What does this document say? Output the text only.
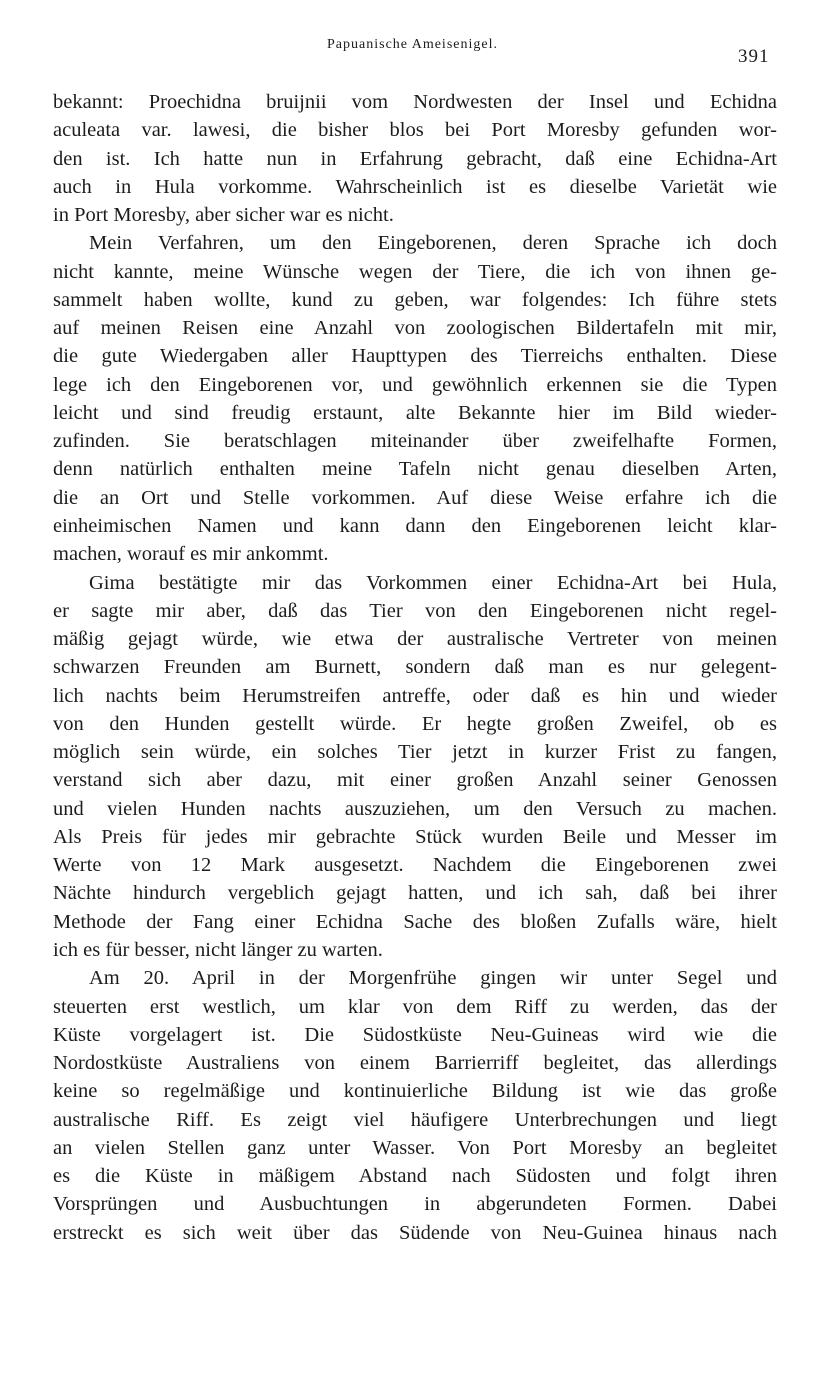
Papuanische Ameisenigel.
391
bekannt: Proechidna bruijnii vom Nordwesten der Insel und Echidna
aculeata var. lawesi, die bisher blos bei Port Moresby gefunden wor-
den ist. Ich hatte nun in Erfahrung gebracht, daß eine Echidna-Art
auch in Hula vorkomme. Wahrscheinlich ist es dieselbe Varietät wie
in Port Moresby, aber sicher war es nicht.
Mein Verfahren, um den Eingeborenen, deren Sprache ich doch
nicht kannte, meine Wünsche wegen der Tiere, die ich von ihnen ge-
sammelt haben wollte, kund zu geben, war folgendes: Ich führe stets
auf meinen Reisen eine Anzahl von zoologischen Bildertafeln mit mir,
die gute Wiedergaben aller Haupttypen des Tierreichs enthalten. Diese
lege ich den Eingeborenen vor, und gewöhnlich erkennen sie die Typen
leicht und sind freudig erstaunt, alte Bekannte hier im Bild wieder-
zufinden. Sie beratschlagen miteinander über zweifelhafte Formen,
denn natürlich enthalten meine Tafeln nicht genau dieselben Arten,
die an Ort und Stelle vorkommen. Auf diese Weise erfahre ich die
einheimischen Namen und kann dann den Eingeborenen leicht klar-
machen, worauf es mir ankommt.
Gima bestätigte mir das Vorkommen einer Echidna-Art bei Hula,
er sagte mir aber, daß das Tier von den Eingeborenen nicht regel-
mäßig gejagt würde, wie etwa der australische Vertreter von meinen
schwarzen Freunden am Burnett, sondern daß man es nur gelegent-
lich nachts beim Herumstreifen antreffe, oder daß es hin und wieder
von den Hunden gestellt würde. Er hegte großen Zweifel, ob es
möglich sein würde, ein solches Tier jetzt in kurzer Frist zu fangen,
verstand sich aber dazu, mit einer großen Anzahl seiner Genossen
und vielen Hunden nachts auszuziehen, um den Versuch zu machen.
Als Preis für jedes mir gebrachte Stück wurden Beile und Messer im
Werte von 12 Mark ausgesetzt. Nachdem die Eingeborenen zwei
Nächte hindurch vergeblich gejagt hatten, und ich sah, daß bei ihrer
Methode der Fang einer Echidna Sache des bloßen Zufalls wäre, hielt
ich es für besser, nicht länger zu warten.
Am 20. April in der Morgenfrühe gingen wir unter Segel und
steuerten erst westlich, um klar von dem Riff zu werden, das der
Küste vorgelagert ist. Die Südostküste Neu-Guineas wird wie die
Nordostküste Australiens von einem Barrierriff begleitet, das allerdings
keine so regelmäßige und kontinuierliche Bildung ist wie das große
australische Riff. Es zeigt viel häufigere Unterbrechungen und liegt
an vielen Stellen ganz unter Wasser. Von Port Moresby an begleitet
es die Küste in mäßigem Abstand nach Südosten und folgt ihren
Vorsprüngen und Ausbuchtungen in abgerundeten Formen. Dabei
erstreckt es sich weit über das Südende von Neu-Guinea hinaus nach
